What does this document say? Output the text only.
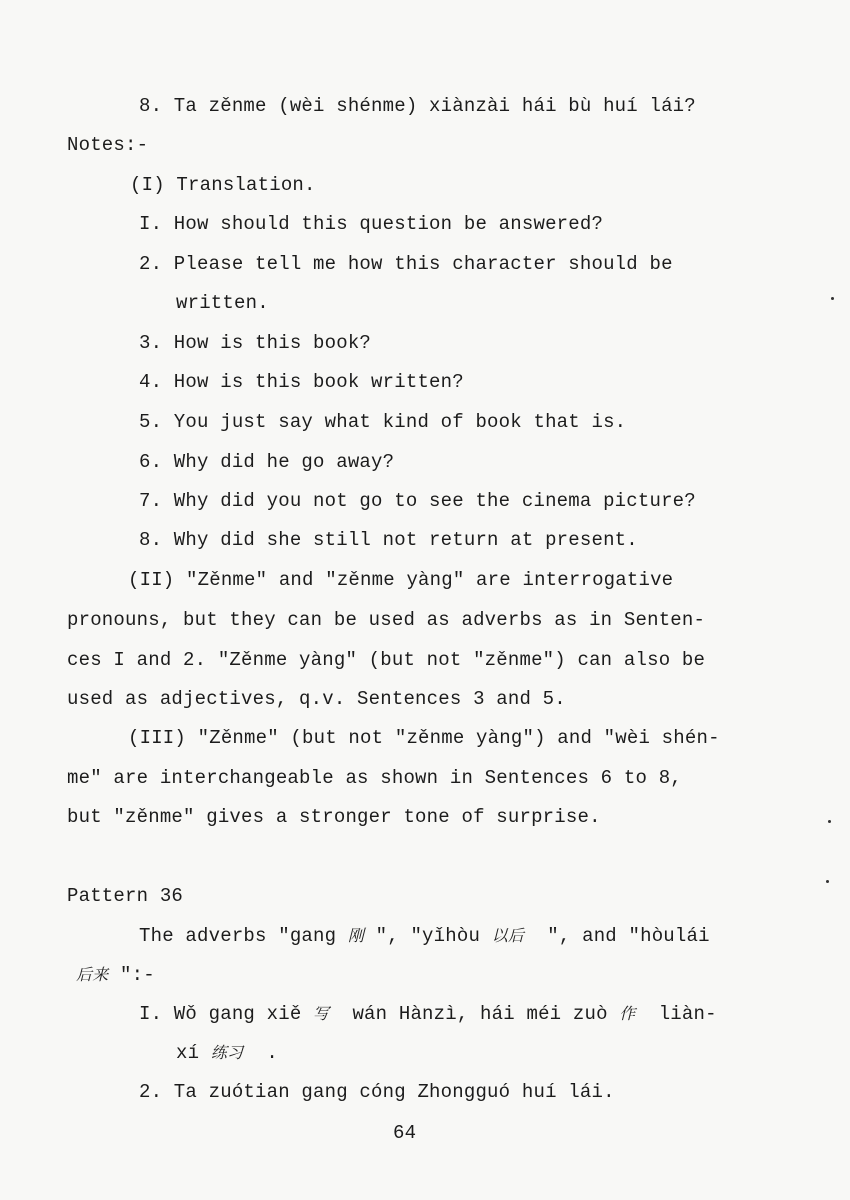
8. Ta zěnme (wèi shénme) xiànzài hái bù huí lái?
Notes:-
(I) Translation.
I. How should this question be answered?
2. Please tell me how this character should be
written.
3. How is this book?
4. How is this book written?
5. You just say what kind of book that is.
6. Why did he go away?
7. Why did you not go to see the cinema picture?
8. Why did she still not return at present.
(II) "Zěnme" and "zěnme yàng" are interrogative
pronouns, but they can be used as adverbs as in Senten-
ces I and 2. "Zěnme yàng" (but not "zěnme") can also be
used as adjectives, q.v. Sentences 3 and 5.
(III) "Zěnme" (but not "zěnme yàng") and "wèi shén-
me" are interchangeable as shown in Sentences 6 to 8,
but "zěnme" gives a stronger tone of surprise.
Pattern 36
The adverbs "gang 刚 ", "yǐhòu 以后  ", and "hòulái
后来 ":-
I. Wǒ gang xiě 写  wán Hànzì, hái méi zuò 作  liàn-
xí 练习  .
2. Ta zuótian gang cóng Zhongguó huí lái.
64
